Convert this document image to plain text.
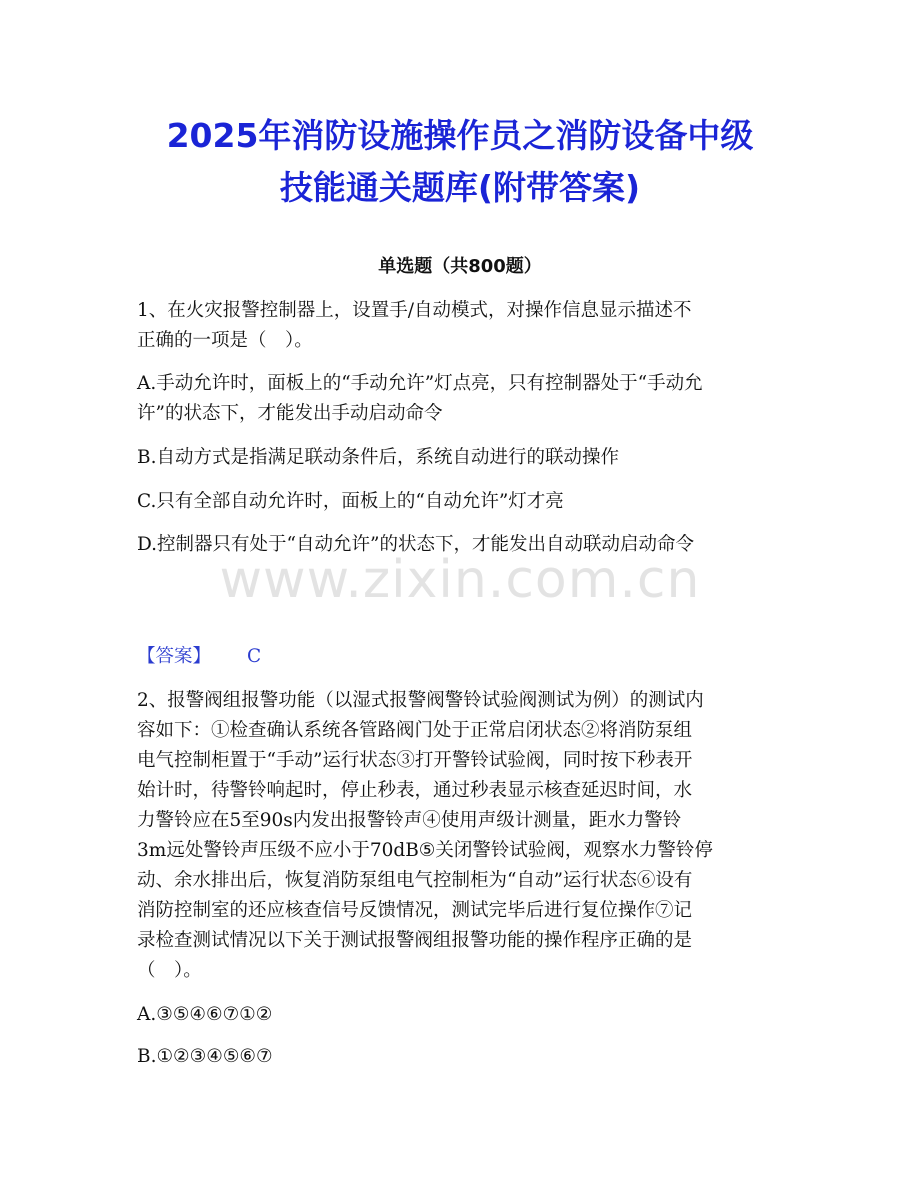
2025年消防设施操作员之消防设备中级
技能通关题库(附带答案)
单选题（共800题）
1、在火灾报警控制器上，设置手/自动模式，对操作信息显示描述不
正确的一项是（　）。
A.手动允许时，面板上的“手动允许”灯点亮，只有控制器处于“手动允
许”的状态下，才能发出手动启动命令
B.自动方式是指满足联动条件后，系统自动进行的联动操作
C.只有全部自动允许时，面板上的“自动允许”灯才亮
D.控制器只有处于“自动允许”的状态下，才能发出自动联动启动命令
www.zixin.com.cn
【答案】 C
2、报警阀组报警功能（以湿式报警阀警铃试验阀测试为例）的测试内
容如下：①检查确认系统各管路阀门处于正常启闭状态②将消防泵组
电气控制柜置于“手动”运行状态③打开警铃试验阀，同时按下秒表开
始计时，待警铃响起时，停止秒表，通过秒表显示核查延迟时间，水
力警铃应在5至90s内发出报警铃声④使用声级计测量，距水力警铃
3m远处警铃声压级不应小于70dB⑤关闭警铃试验阀，观察水力警铃停
动、余水排出后，恢复消防泵组电气控制柜为“自动”运行状态⑥设有
消防控制室的还应核查信号反馈情况，测试完毕后进行复位操作⑦记
录检查测试情况以下关于测试报警阀组报警功能的操作程序正确的是
（　）。
A.③⑤④⑥⑦①②
B.①②③④⑤⑥⑦
